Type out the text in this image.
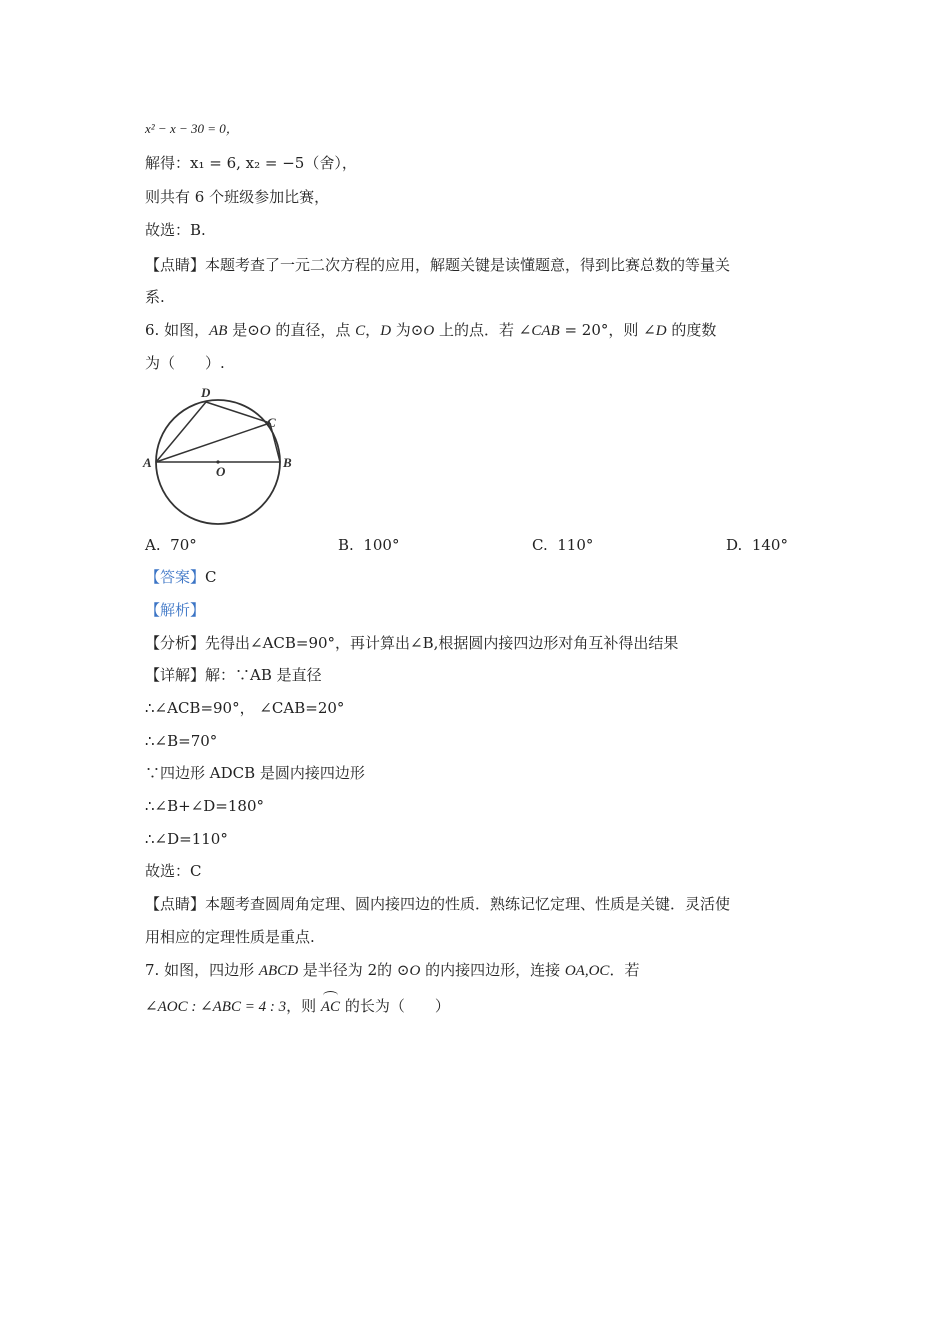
x² − x − 30 = 0，
解得：x₁ = 6, x₂ = −5（舍），
则共有 6 个班级参加比赛，
故选：B.
【点睛】本题考查了一元二次方程的应用，解题关键是读懂题意，得到比赛总数的等量关
系.
6. 如图，AB 是⊙O 的直径，点 C，D 为⊙O 上的点．若 ∠CAB = 20°，则 ∠D 的度数
为（　　）.
A	B
C
D
O
A. 70°	B. 100°	C. 110°	D. 140°
【答案】C
【解析】
【分析】先得出∠ACB=90°，再计算出∠B,根据圆内接四边形对角互补得出结果
【详解】解：∵AB 是直径
∴∠ACB=90°， ∠CAB=20°
∴∠B=70°
∵四边形 ADCB 是圆内接四边形
∴∠B+∠D=180°
∴∠D=110°
故选：C
【点睛】本题考查圆周角定理、圆内接四边的性质．熟练记忆定理、性质是关键．灵活使
用相应的定理性质是重点.
7. 如图，四边形 ABCD 是半径为 2的 ⊙O 的内接四边形，连接 OA,OC．若
∠AOC : ∠ABC = 4 : 3，则 AC 的长为（　　）
